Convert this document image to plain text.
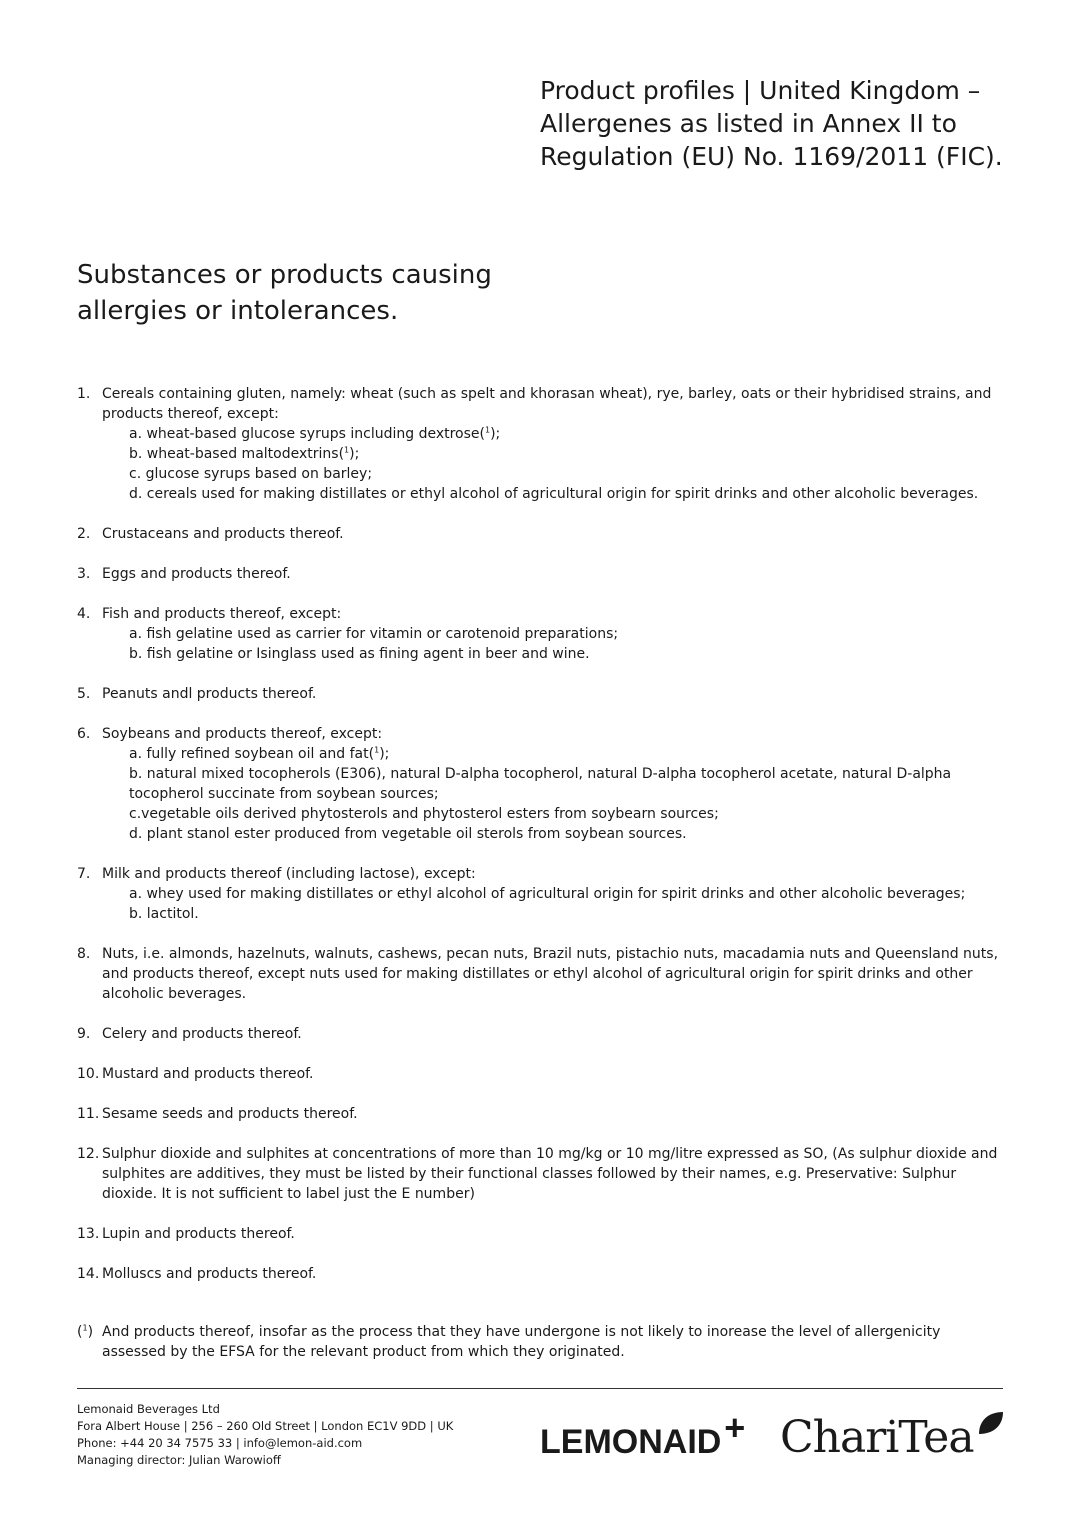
Product profiles | United Kingdom –
Allergenes as listed in Annex II to
Regulation (EU) No. 1169/2011 (FIC).
Substances or products causing
allergies or intolerances.
1. Cereals containing gluten, namely: wheat (such as spelt and khorasan wheat), rye, barley, oats or their hybridised strains, and products thereof, except:
a. wheat-based glucose syrups including dextrose($^1$);
b. wheat-based maltodextrins($^1$);
c. glucose syrups based on barley;
d. cereals used for making distillates or ethyl alcohol of agricultural origin for spirit drinks and other alcoholic beverages.
2. Crustaceans and products thereof.
3. Eggs and products thereof.
4. Fish and products thereof, except:
a. fish gelatine used as carrier for vitamin or carotenoid preparations;
b. fish gelatine or Isinglass used as fining agent in beer and wine.
5. Peanuts andl products thereof.
6. Soybeans and products thereof, except:
a. fully refined soybean oil and fat($^1$);
b. natural mixed tocopherols (E306), natural D-alpha tocopherol, natural D-alpha tocopherol acetate, natural D-alpha tocopherol succinate from soybean sources;
c.vegetable oils derived phytosterols and phytosterol esters from soybearn sources;
d. plant stanol ester produced from vegetable oil sterols from soybean sources.
7. Milk and products thereof (including lactose), except:
a. whey used for making distillates or ethyl alcohol of agricultural origin for spirit drinks and other alcoholic beverages;
b. lactitol.
8. Nuts, i.e. almonds, hazelnuts, walnuts, cashews, pecan nuts, Brazil nuts, pistachio nuts, macadamia nuts and Queensland nuts, and products thereof, except nuts used for making distillates or ethyl alcohol of agricultural origin for spirit drinks and other alcoholic beverages.
9. Celery and products thereof.
10. Mustard and products thereof.
11. Sesame seeds and products thereof.
12. Sulphur dioxide and sulphites at concentrations of more than 10 mg/kg or 10 mg/litre expressed as SO, (As sulphur dioxide and sulphites are additives, they must be listed by their functional classes followed by their names, e.g. Preservative: Sulphur dioxide. It is not sufficient to label just the E number)
13. Lupin and products thereof.
14. Molluscs and products thereof.
($^1$) And products thereof, insofar as the process that they have undergone is not likely to inorease the level of allergenicity assessed by the EFSA for the relevant product from which they originated.
Lemonaid Beverages Ltd
Fora Albert House | 256 – 260 Old Street | London EC1V 9DD | UK
Phone: +44 20 34 7575 33 | info@lemon-aid.com
Managing director: Julian Warowioff	LEMONAID + ChariTea
